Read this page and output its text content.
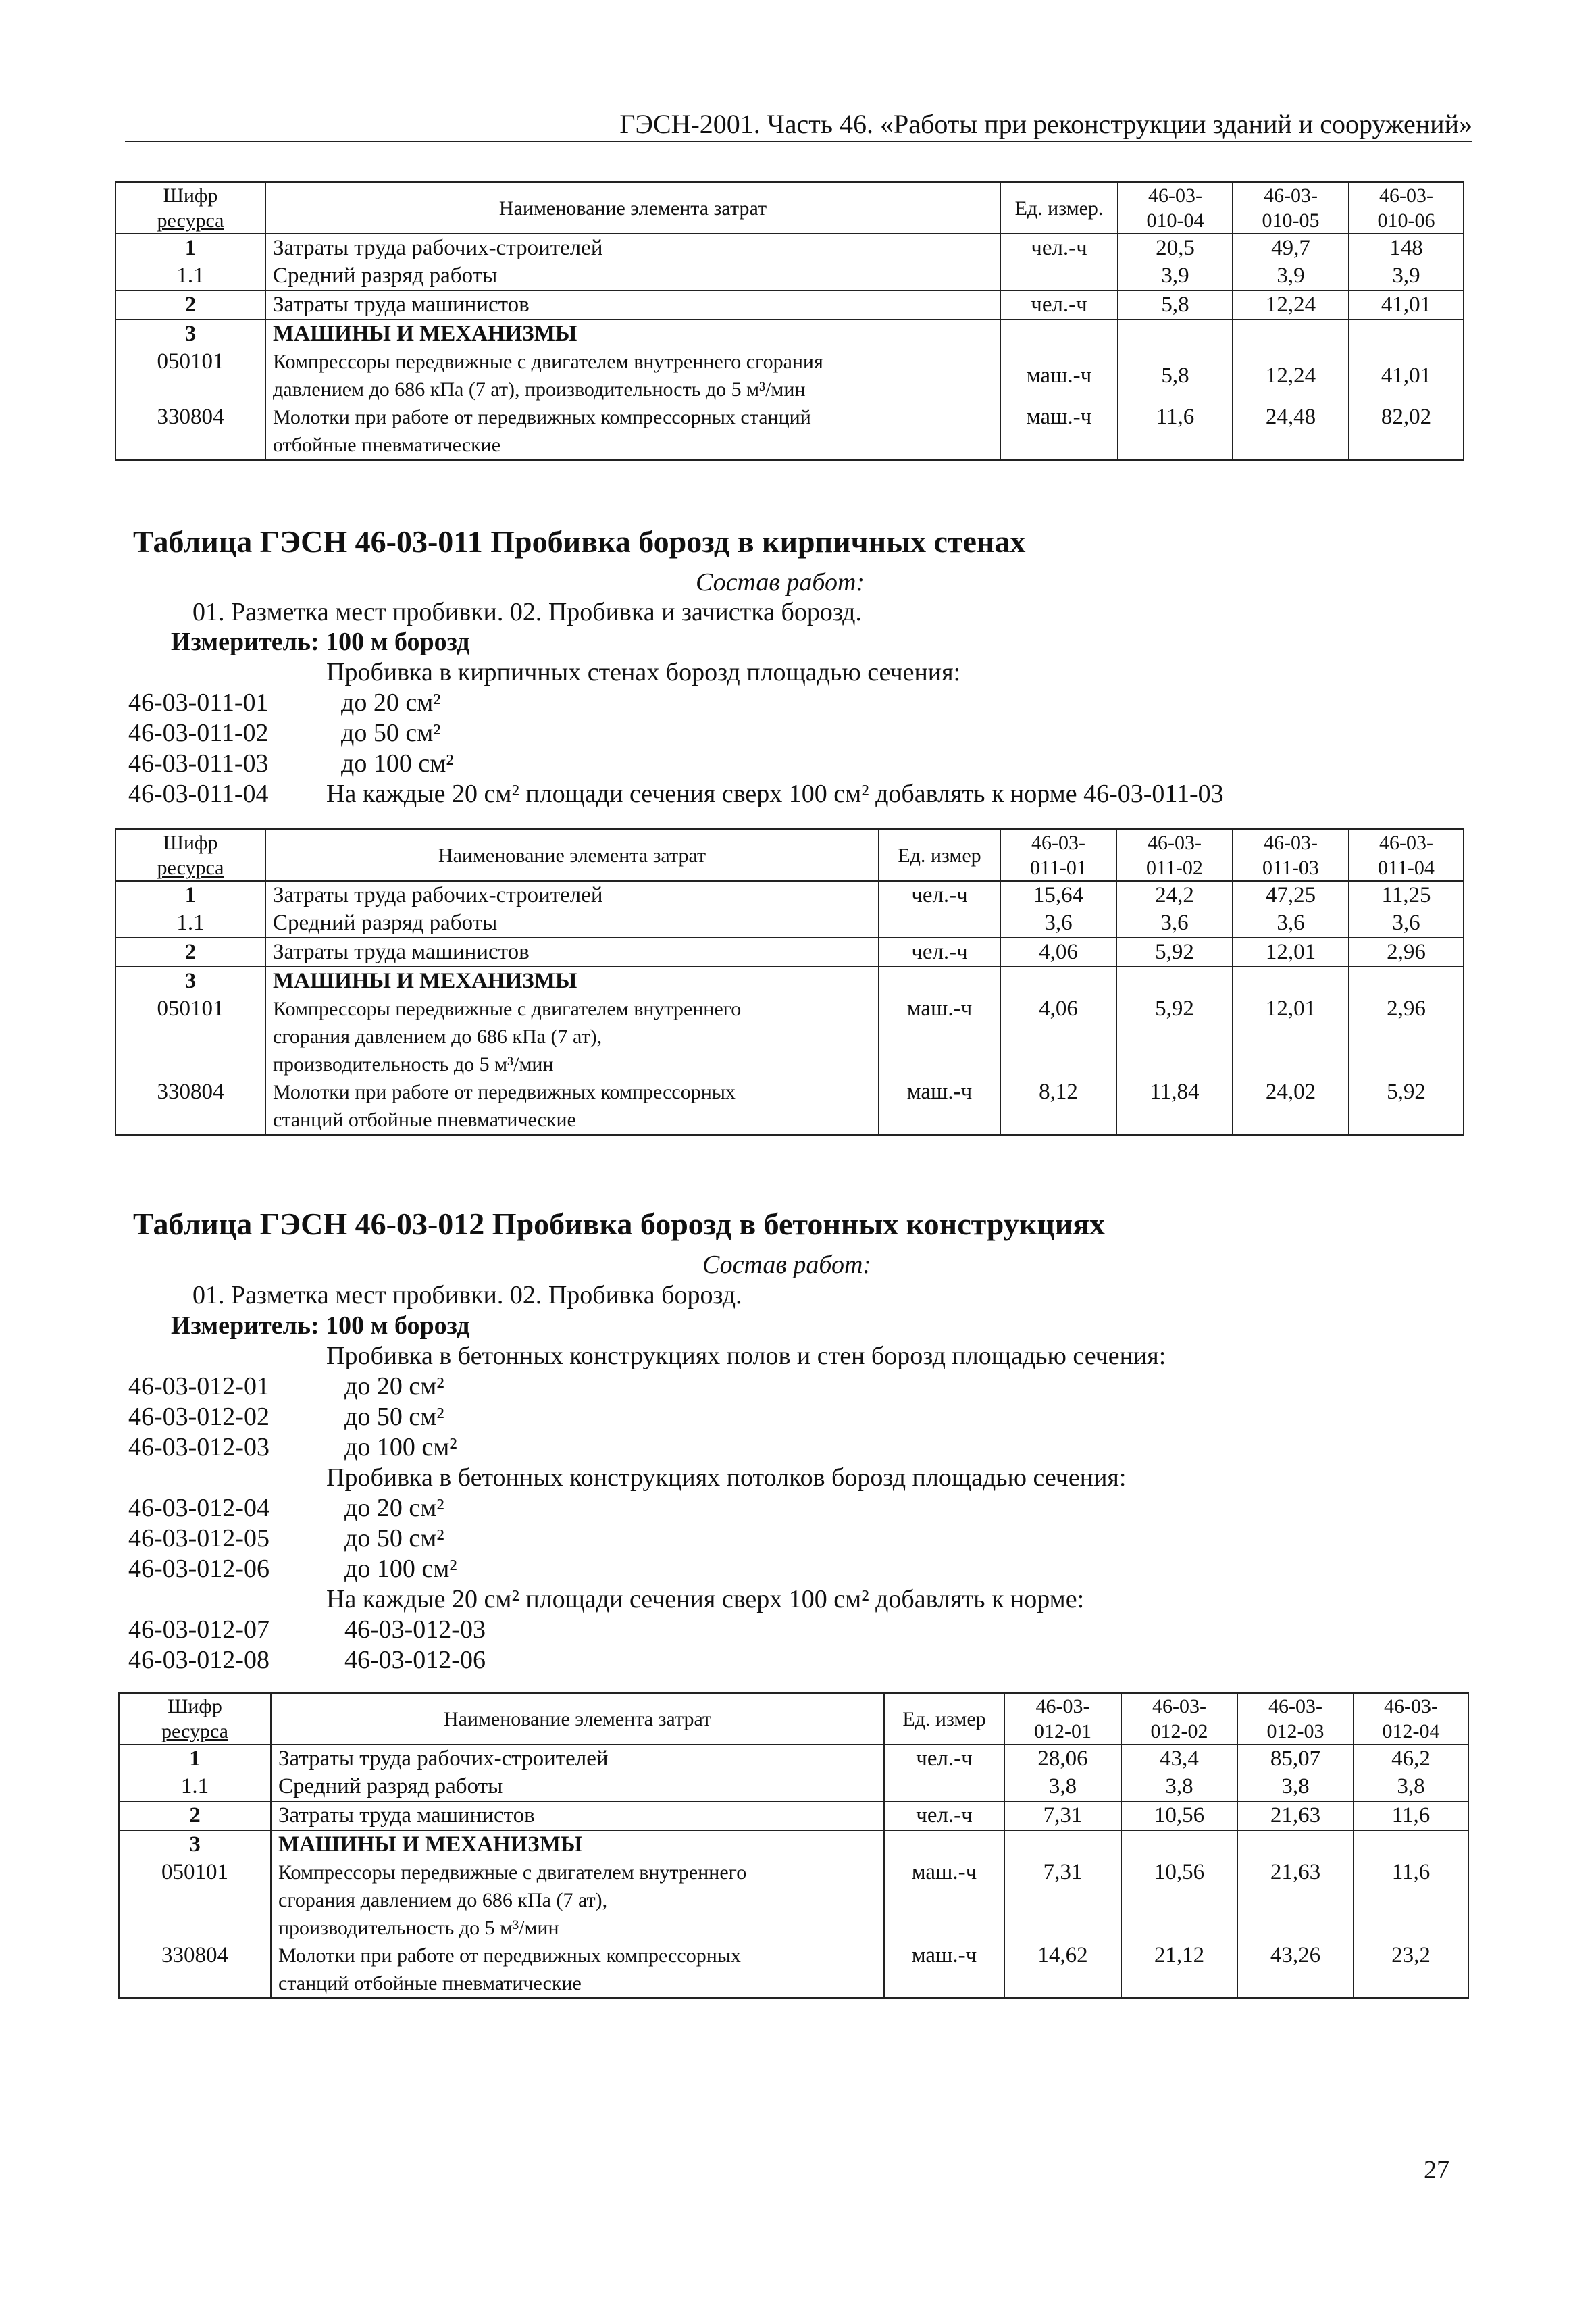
ГЭСН-2001. Часть 46. «Работы при реконструкции зданий и сооружений»
Шифр
ресурса	Наименование элемента затрат	Ед. измер.	46-03-
010-04	46-03-
010-05	46-03-
010-06
1	Затраты труда рабочих-строителей	чел.-ч	20,5	49,7	148
1.1	Средний разряд работы		3,9	3,9	3,9
2	Затраты труда машинистов	чел.-ч	5,8	12,24	41,01
3	МАШИНЫ И МЕХАНИЗМЫ				
050101	Компрессоры передвижные с двигателем внутреннего сгорания
давлением до 686 кПа (7 ат), производительность до 5 м³/мин	маш.-ч	5,8	12,24	41,01
330804	Молотки при работе от передвижных компрессорных станций
отбойные пневматические	маш.-ч	11,6	24,48	82,02
Таблица ГЭСН 46-03-011 Пробивка борозд в кирпичных стенах
Состав работ:
01. Разметка мест пробивки. 02. Пробивка и зачистка борозд.
Измеритель: 100 м борозд
Пробивка в кирпичных стенах борозд площадью сечения:
46-03-011-01	до 20 см²
46-03-011-02	до 50 см²
46-03-011-03	до 100 см²
46-03-011-04 На каждые 20 см² площади сечения сверх 100 см² добавлять к норме 46-03-011-03
Шифр
ресурса	Наименование элемента затрат	Ед. измер	46-03-
011-01	46-03-
011-02	46-03-
011-03	46-03-
011-04
1	Затраты труда рабочих-строителей	чел.-ч	15,64	24,2	47,25	11,25
1.1	Средний разряд работы		3,6	3,6	3,6	3,6
2	Затраты труда машинистов	чел.-ч	4,06	5,92	12,01	2,96
3	МАШИНЫ И МЕХАНИЗМЫ					
050101	Компрессоры передвижные с двигателем внутреннего
сгорания давлением до 686 кПа (7 ат),
производительность до 5 м³/мин	маш.-ч	4,06	5,92	12,01	2,96
330804	Молотки при работе от передвижных компрессорных
станций отбойные пневматические	маш.-ч	8,12	11,84	24,02	5,92
Таблица ГЭСН 46-03-012 Пробивка борозд в бетонных конструкциях
Состав работ:
01. Разметка мест пробивки. 02. Пробивка борозд.
Измеритель: 100 м борозд
Пробивка в бетонных конструкциях полов и стен борозд площадью сечения:
46-03-012-01	до 20 см²
46-03-012-02	до 50 см²
46-03-012-03	до 100 см²
Пробивка в бетонных конструкциях потолков борозд площадью сечения:
46-03-012-04	до 20 см²
46-03-012-05	до 50 см²
46-03-012-06	до 100 см²
На каждые 20 см² площади сечения сверх 100 см² добавлять к норме:
46-03-012-07	46-03-012-03
46-03-012-08	46-03-012-06
Шифр
ресурса	Наименование элемента затрат	Ед. измер	46-03-
012-01	46-03-
012-02	46-03-
012-03	46-03-
012-04
1	Затраты труда рабочих-строителей	чел.-ч	28,06	43,4	85,07	46,2
1.1	Средний разряд работы		3,8	3,8	3,8	3,8
2	Затраты труда машинистов	чел.-ч	7,31	10,56	21,63	11,6
3	МАШИНЫ И МЕХАНИЗМЫ					
050101	Компрессоры передвижные с двигателем внутреннего
сгорания давлением до 686 кПа (7 ат),
производительность до 5 м³/мин	маш.-ч	7,31	10,56	21,63	11,6
330804	Молотки при работе от передвижных компрессорных
станций отбойные пневматические	маш.-ч	14,62	21,12	43,26	23,2
27
